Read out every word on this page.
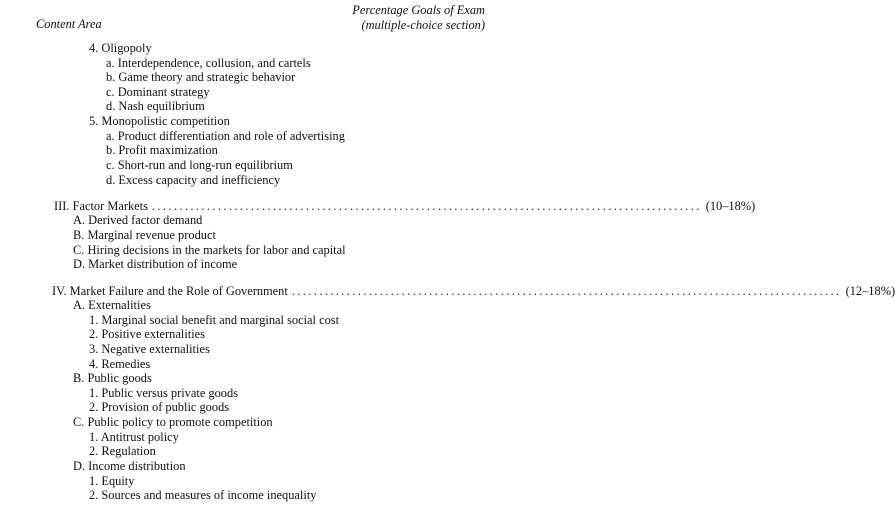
Content Area
Percentage Goals of Exam
(multiple-choice section)
4. Oligopoly
a. Interdependence, collusion, and cartels
b. Game theory and strategic behavior
c. Dominant strategy
d. Nash equilibrium
5. Monopolistic competition
a. Product differentiation and role of advertising
b. Profit maximization
c. Short-run and long-run equilibrium
d. Excess capacity and inefficiency
III. Factor Markets .................................................................................................... (10–18%)
A. Derived factor demand
B. Marginal revenue product
C. Hiring decisions in the markets for labor and capital
D. Market distribution of income
IV. Market Failure and the Role of Government .................................................................................................... (12–18%)
A. Externalities
1. Marginal social benefit and marginal social cost
2. Positive externalities
3. Negative externalities
4. Remedies
B. Public goods
1. Public versus private goods
2. Provision of public goods
C. Public policy to promote competition
1. Antitrust policy
2. Regulation
D. Income distribution
1. Equity
2. Sources and measures of income inequality
